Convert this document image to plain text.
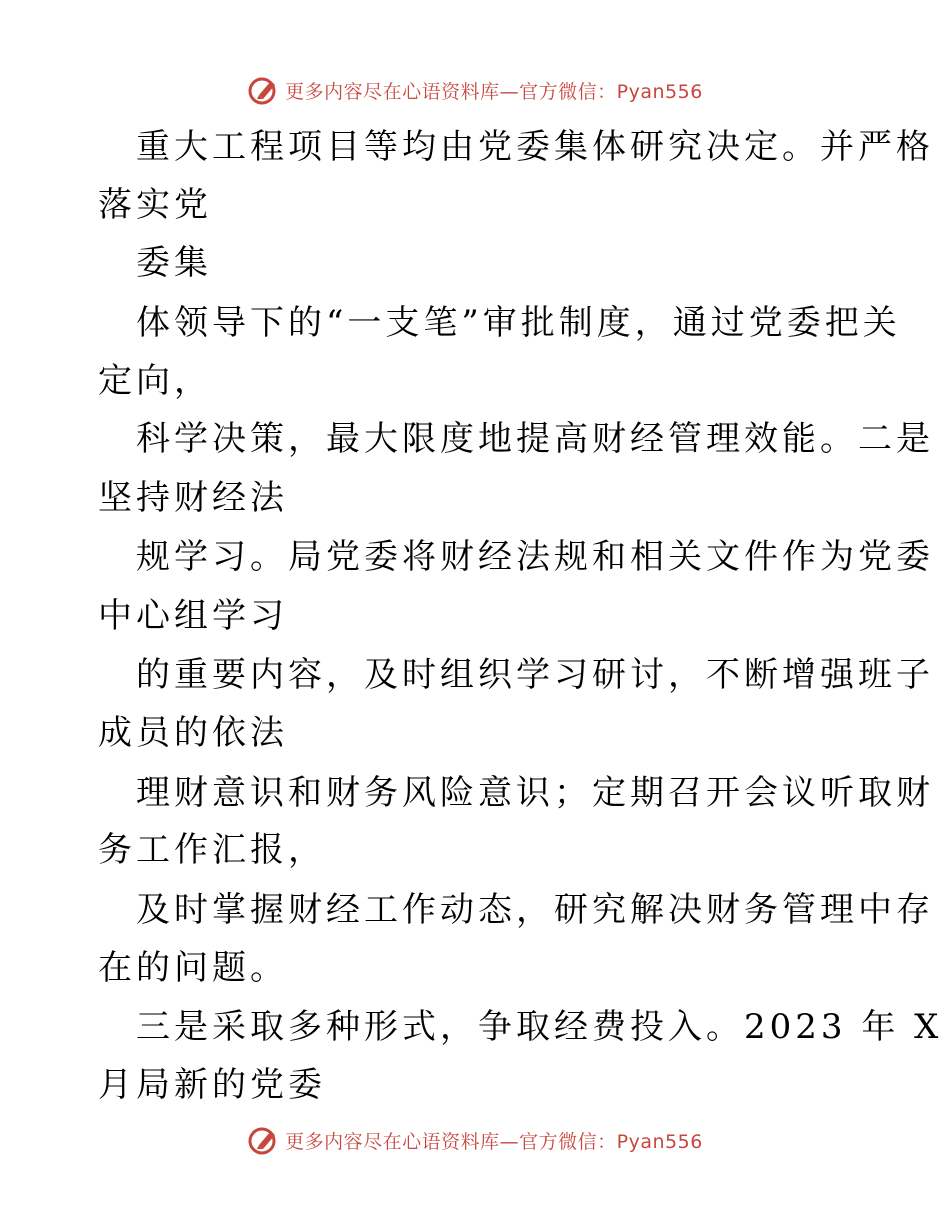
更多内容尽在心语资料库—官方微信：Pyan556
重大工程项目等均由党委集体研究决定。并严格
落实党
委集
体领导下的“一支笔”审批制度，通过党委把关
定向，
科学决策，最大限度地提高财经管理效能。二是
坚持财经法
规学习。局党委将财经法规和相关文件作为党委
中心组学习
的重要内容，及时组织学习研讨，不断增强班子
成员的依法
理财意识和财务风险意识；定期召开会议听取财
务工作汇报，
及时掌握财经工作动态，研究解决财务管理中存
在的问题。
三是采取多种形式，争取经费投入。2023 年 X
月局新的党委
更多内容尽在心语资料库—官方微信：Pyan556
